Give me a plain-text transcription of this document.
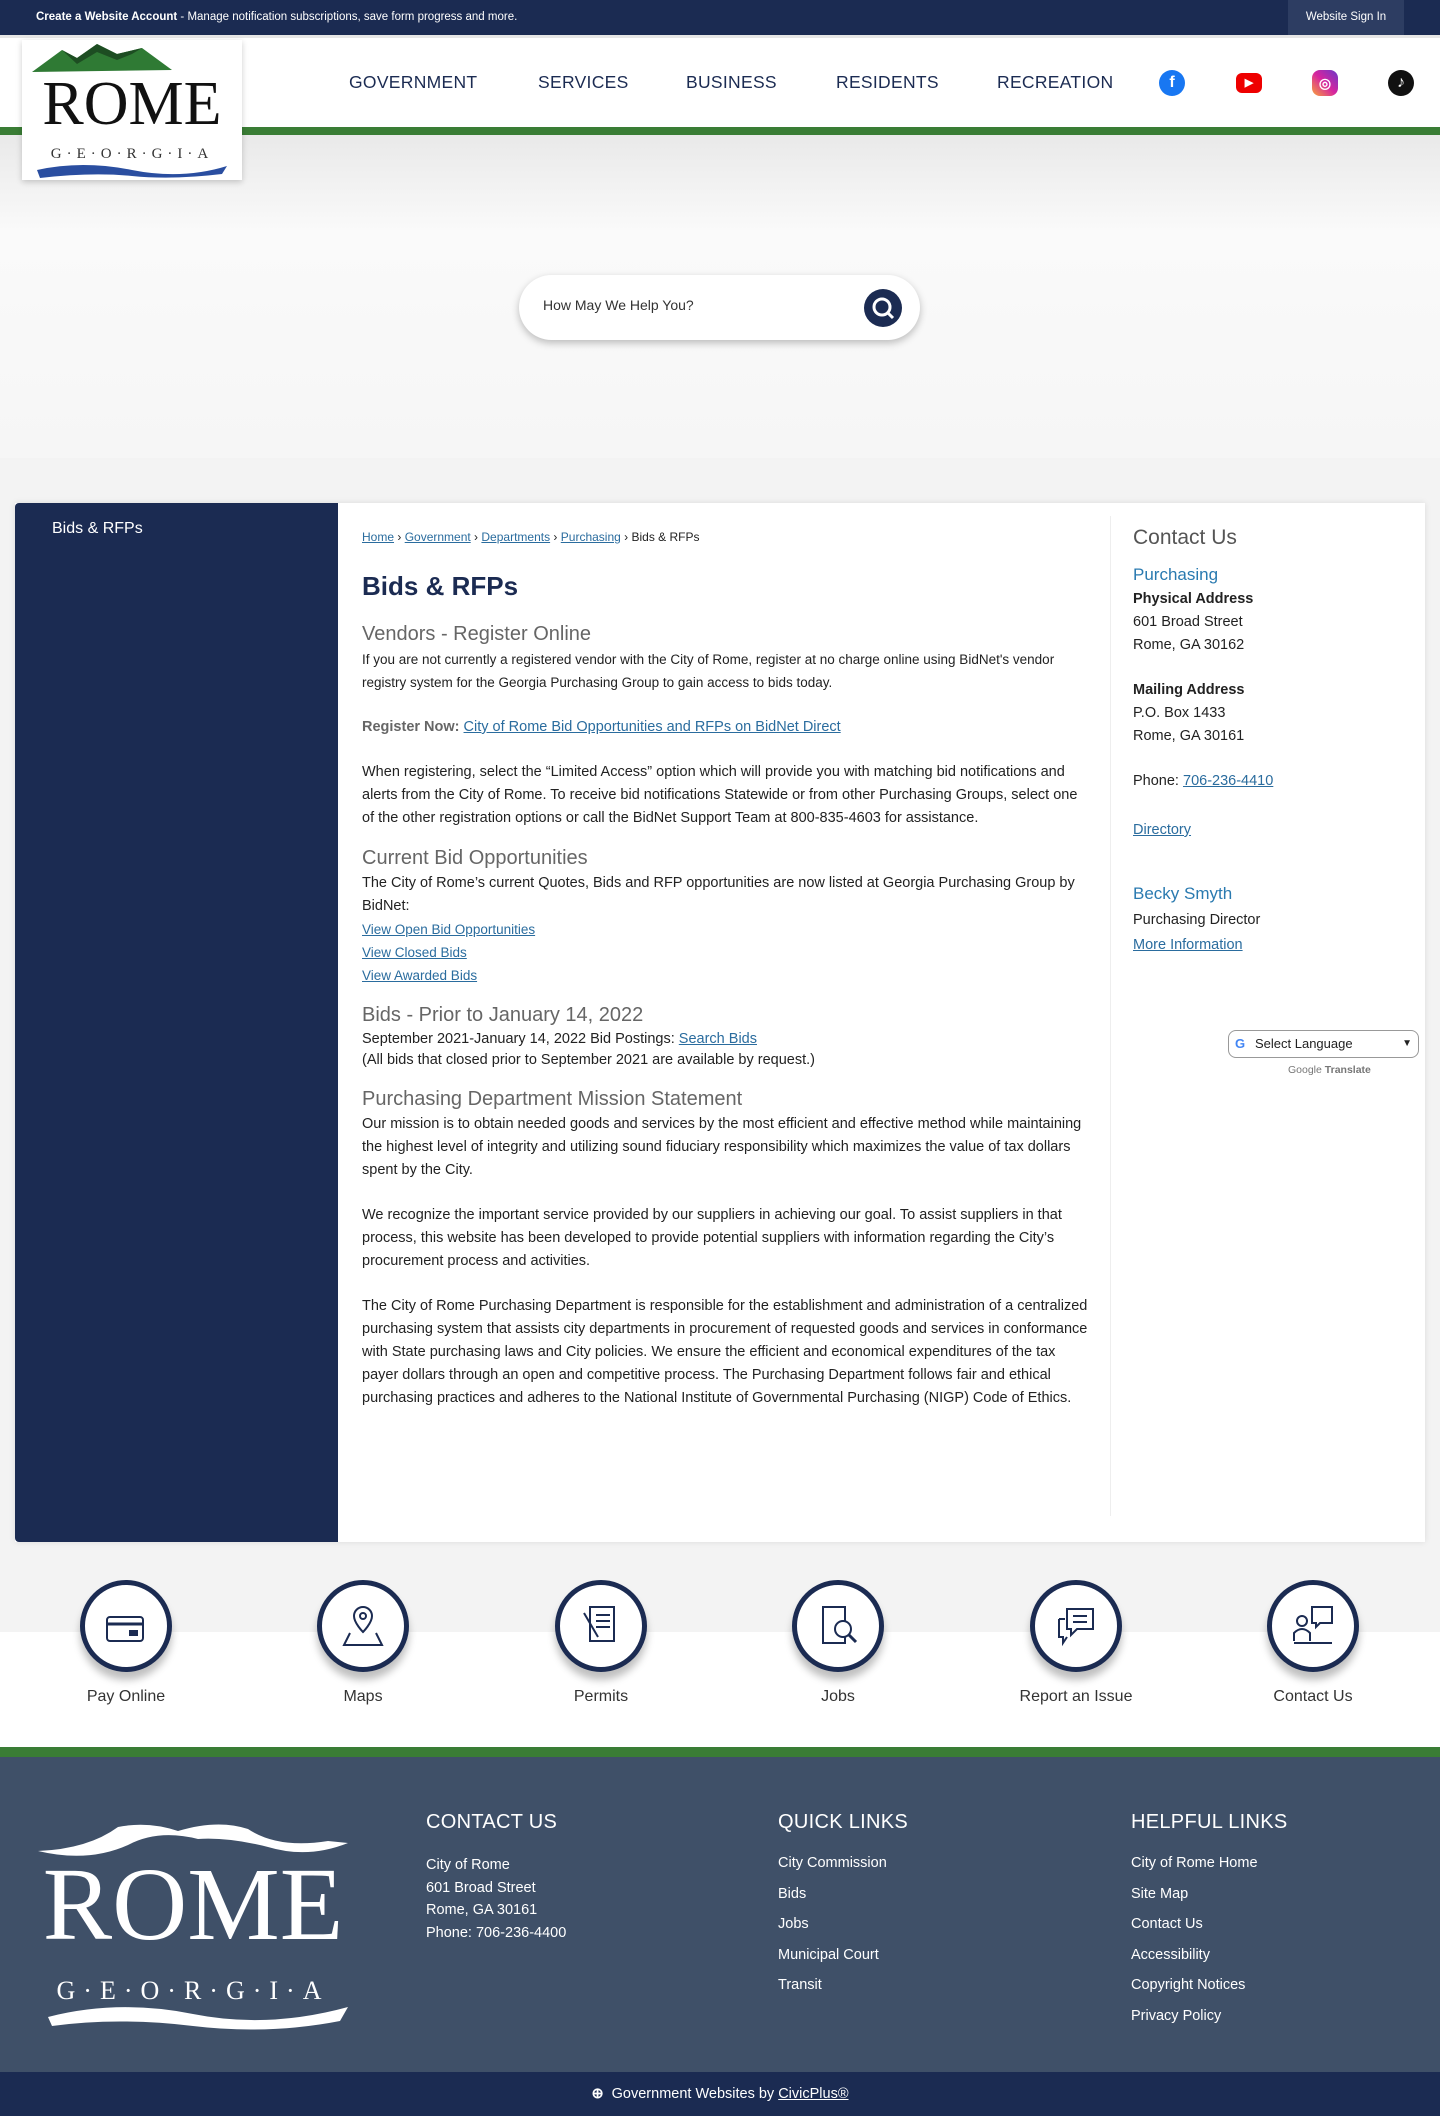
Create a Website Account - Manage notification subscriptions, save form progress and more.	Website Sign In
ROME
G·E·O·R·G·I·A
GOVERNMENT	SERVICES	BUSINESS	RESIDENTS	RECREATION	f	▶	◎	♪
How May We Help You?
Bids & RFPs	Home › Government › Departments › Purchasing › Bids & RFPs
Bids & RFPs
Vendors - Register Online

If you are not currently a registered vendor with the City of Rome, register at no charge online using BidNet's vendor registry system for the Georgia Purchasing Group to gain access to bids today.

Register Now: City of Rome Bid Opportunities and RFPs on BidNet Direct

When registering, select the “Limited Access” option which will provide you with matching bid notifications and alerts from the City of Rome. To receive bid notifications Statewide or from other Purchasing Groups, select one of the other registration options or call the BidNet Support Team at 800-835-4603 for assistance.

Current Bid Opportunities

The City of Rome’s current Quotes, Bids and RFP opportunities are now listed at Georgia Purchasing Group by BidNet:

View Open Bid Opportunities
View Closed Bids
View Awarded Bids
Bids - Prior to January 14, 2022

September 2021-January 14, 2022 Bid Postings: Search Bids

(All bids that closed prior to September 2021 are available by request.)

Purchasing Department Mission Statement

Our mission is to obtain needed goods and services by the most efficient and effective method while maintaining the highest level of integrity and utilizing sound fiduciary responsibility which maximizes the value of tax dollars spent by the City.

We recognize the important service provided by our suppliers in achieving our goal. To assist suppliers in that process, this website has been developed to provide potential suppliers with information regarding the City’s procurement process and activities.

The City of Rome Purchasing Department is responsible for the establishment and administration of a centralized purchasing system that assists city departments in procurement of requested goods and services in conformance with State purchasing laws and City policies. We ensure the efficient and economical expenditures of the tax payer dollars through an open and competitive process. The Purchasing Department follows fair and ethical purchasing practices and adheres to the National Institute of Governmental Purchasing (NIGP) Code of Ethics.

Contact Us
Purchasing
Physical Address
601 Broad Street
Rome, GA 30162
Mailing Address
P.O. Box 1433
Rome, GA 30161
Phone: 706-236-4410
Directory
Becky Smyth
Purchasing Director
More Information
G Select Language	▼
Google Translate
Pay Online	Maps	Permits	Jobs	Report an Issue	Contact Us
ROME
G·E·O·R·G·I·A
CONTACT US
City of Rome
601 Broad Street
Rome, GA 30161
Phone: 706-236-4400
QUICK LINKS
City Commission
Bids
Jobs
Municipal Court
Transit
HELPFUL LINKS
City of Rome Home
Site Map
Contact Us
Accessibility
Copyright Notices
Privacy Policy
⊕ Government Websites by CivicPlus®
